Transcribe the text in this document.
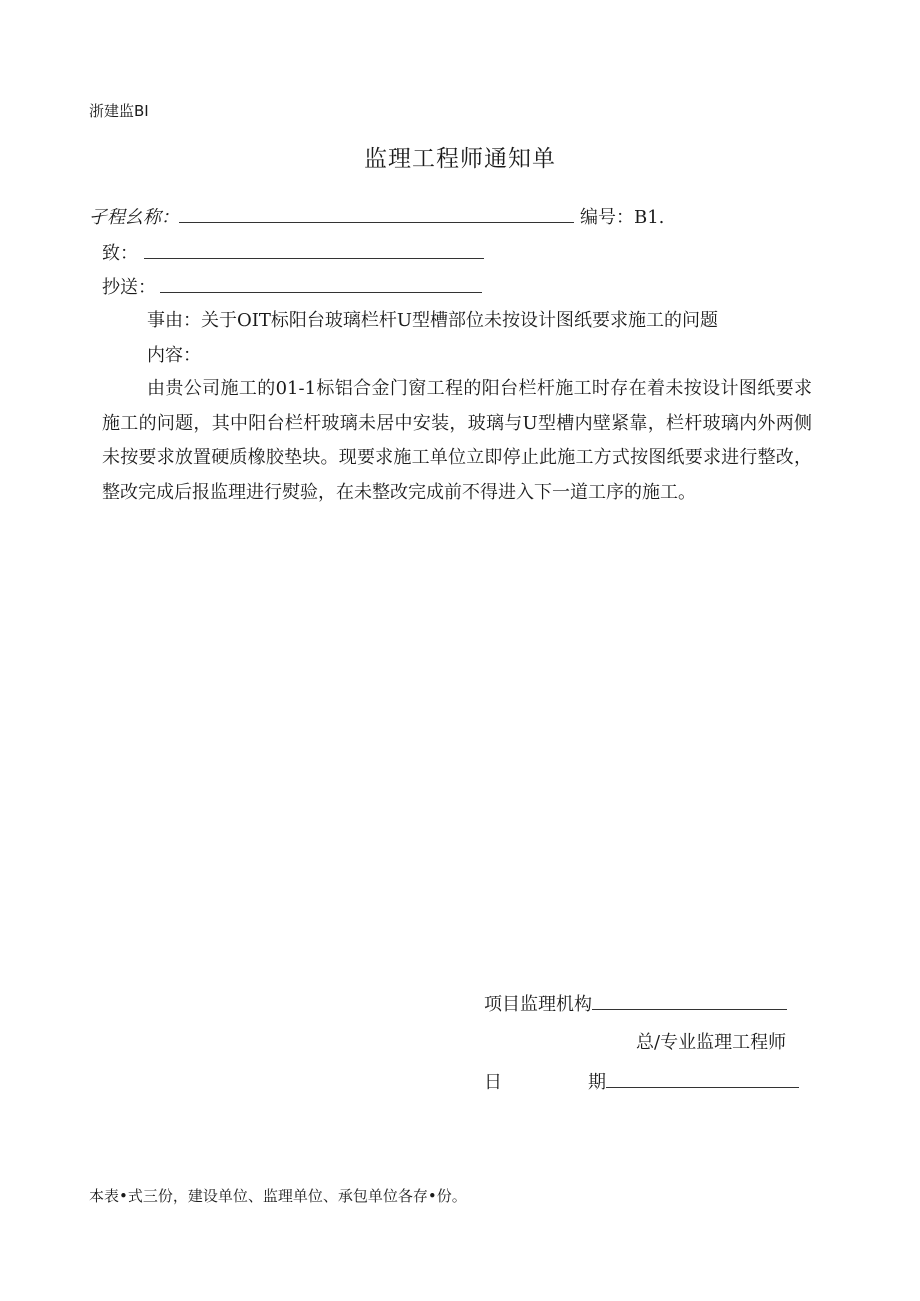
浙建监BI
监理工程师通知单
孑程幺称：	编号：B1.
致：
抄送：
事由：关于OIT标阳台玻璃栏杆U型槽部位未按设计图纸要求施工的问题
内容：
由贵公司施工的01-1标铝合金门窗工程的阳台栏杆施工时存在着未按设计图纸要求施工的问题，其中阳台栏杆玻璃未居中安装，玻璃与U型槽内壁紧靠，栏杆玻璃内外两侧未按要求放置硬质橡胶垫块。现要求施工单位立即停止此施工方式按图纸要求进行整改，整改完成后报监理进行熨验，在未整改完成前不得进入下一道工序的施工。
项目监理机构
总/专业监理工程师
日	期
本表•式三份，建设单位、监理单位、承包单位各存•份。
